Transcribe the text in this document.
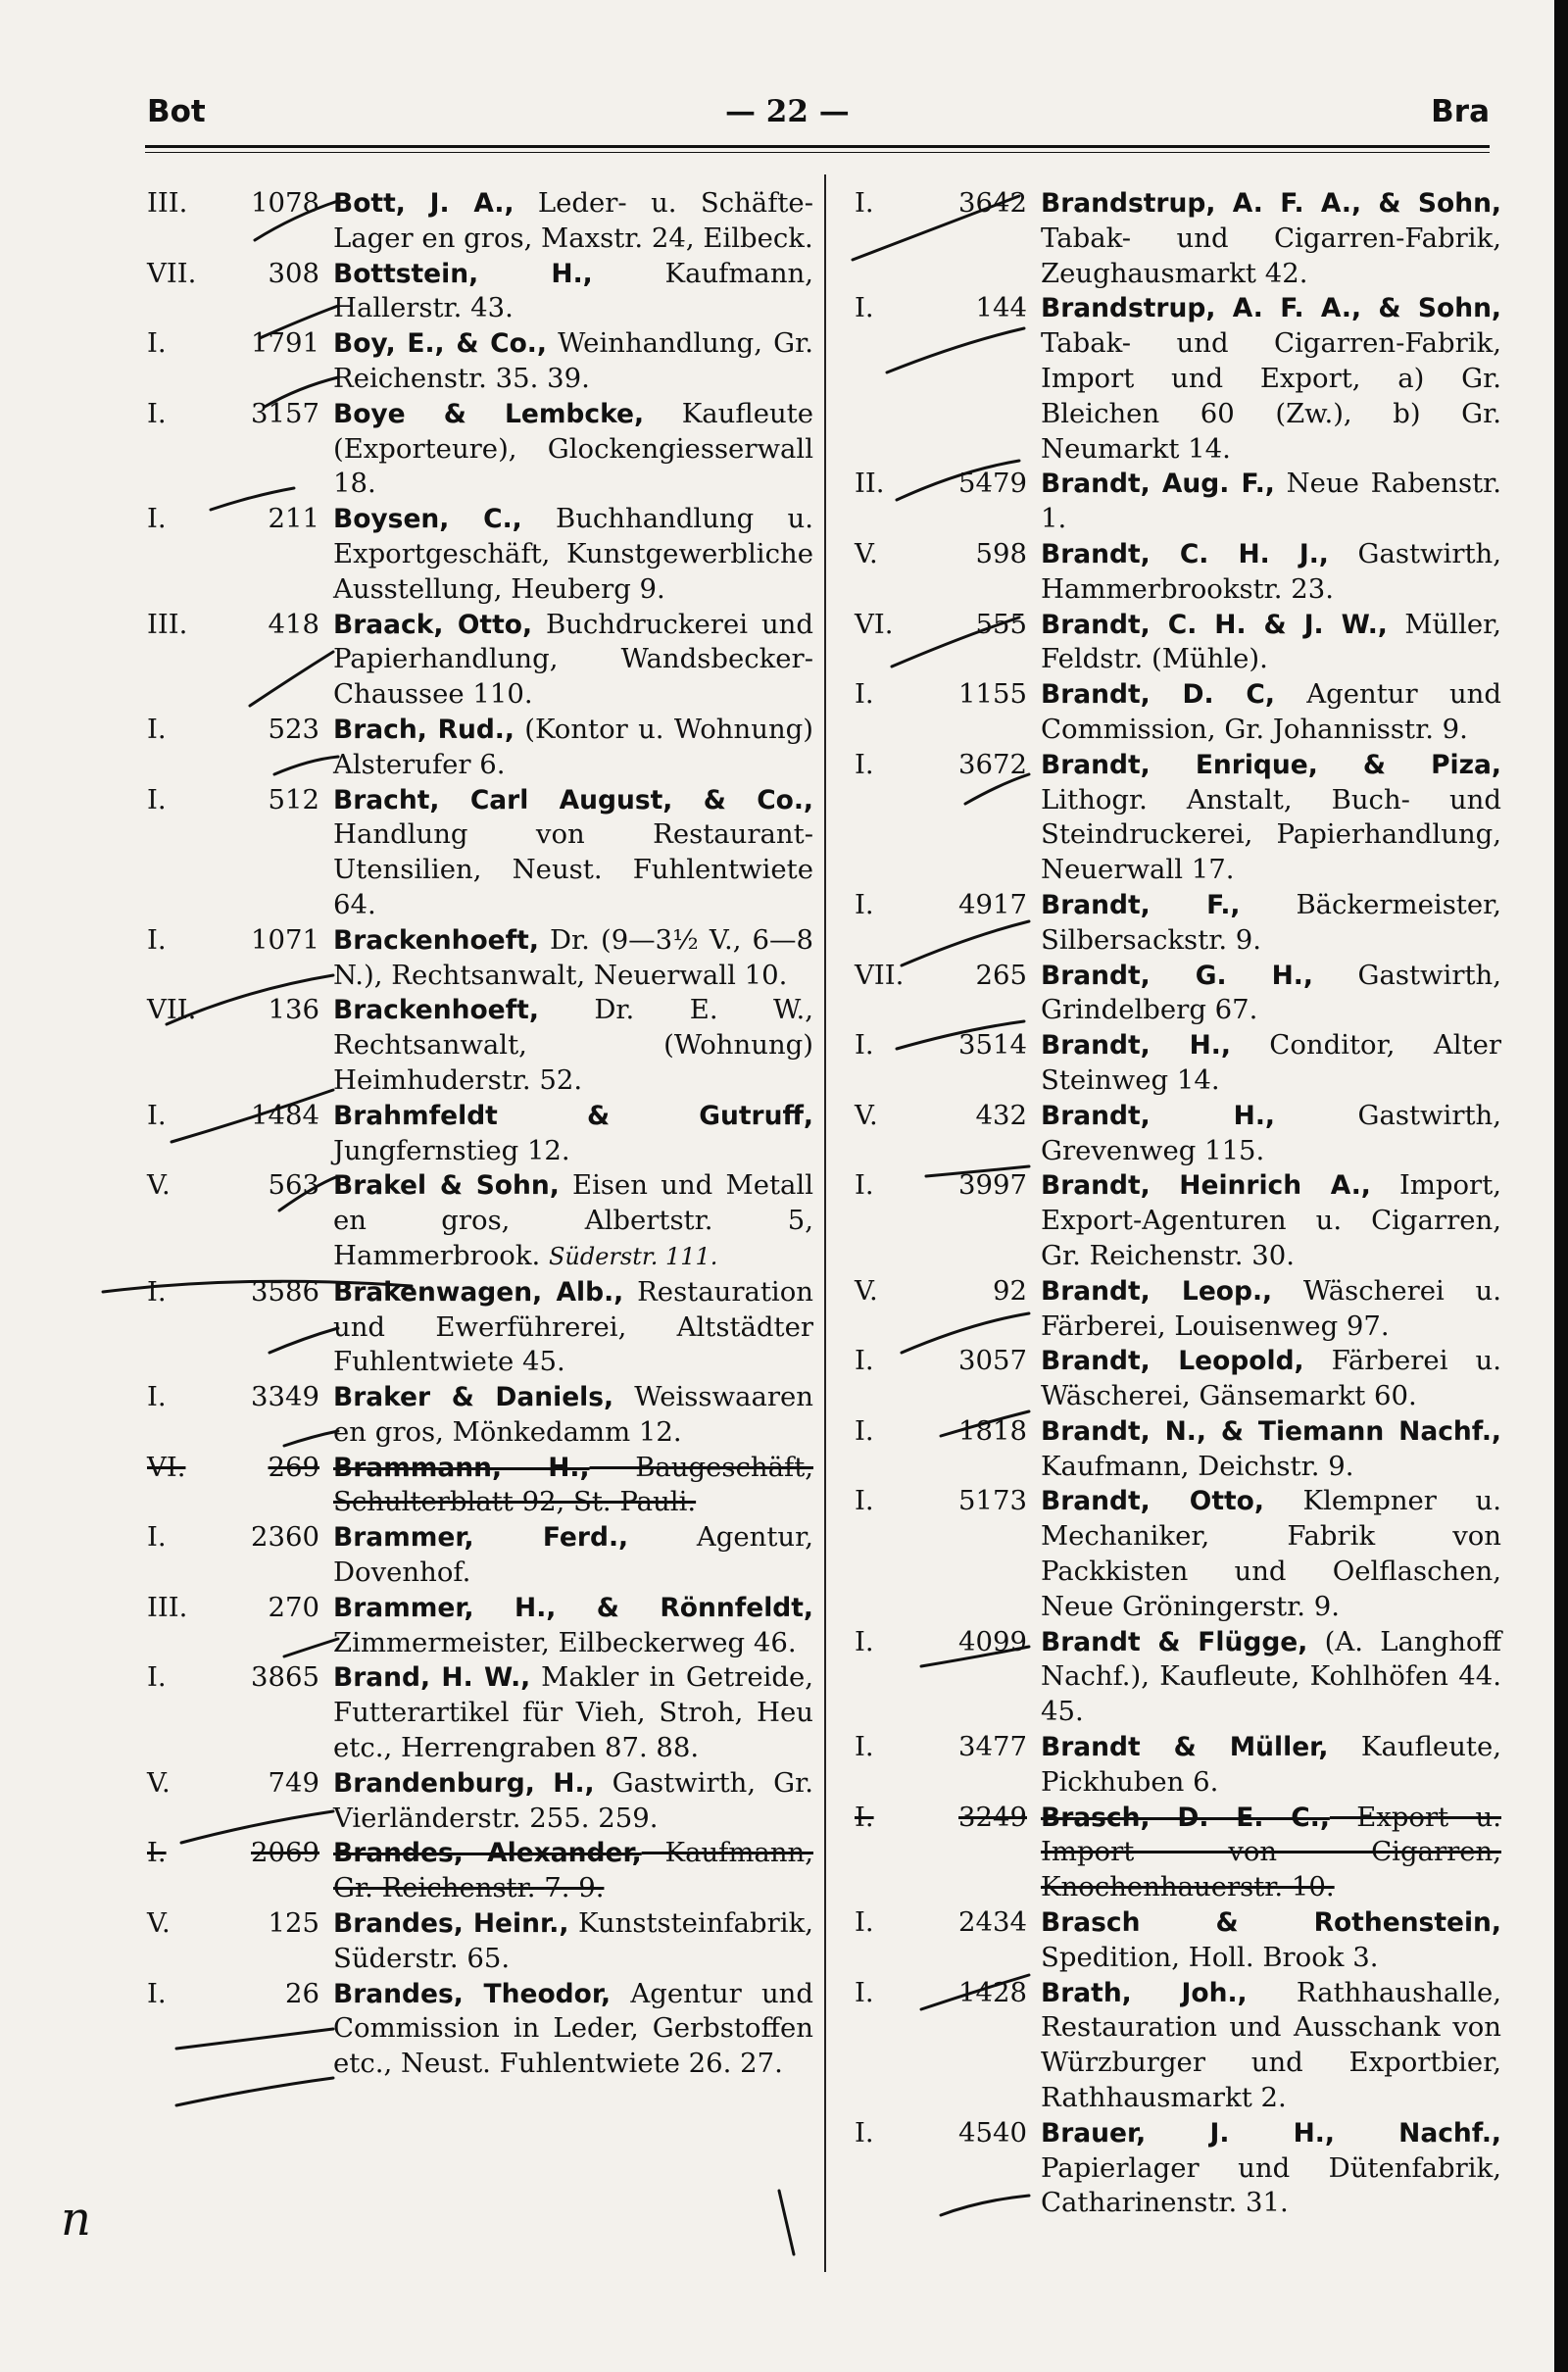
Bot	— 22 —	Bra
III.	1078 Bott, J. A., Leder- u. Schäfte-Lager en gros, Maxstr. 24, Eilbeck.
VII.	308 Bottstein, H., Kaufmann, Hallerstr. 43.
I.	1791 Boy, E., & Co., Weinhandlung, Gr. Reichenstr. 35. 39.
I.	3157 Boye & Lembcke, Kaufleute (Exporteure), Glockengiesserwall 18.
I.	211 Boysen, C., Buchhandlung u. Exportgeschäft, Kunstgewerbliche Ausstellung, Heuberg 9.
III.	418 Braack, Otto, Buchdruckerei und Papierhandlung, Wandsbecker-Chaussee 110.
I.	523 Brach, Rud., (Kontor u. Wohnung) Alsterufer 6.
I.	512 Bracht, Carl August, & Co., Handlung von Restaurant-Utensilien, Neust. Fuhlentwiete 64.
I.	1071 Brackenhoeft, Dr. (9—3½ V., 6—8 N.), Rechtsanwalt, Neuerwall 10.
VII.	136 Brackenhoeft, Dr. E. W., Rechtsanwalt, (Wohnung) Heimhuderstr. 52.
I.	1484 Brahmfeldt & Gutruff, Jungfernstieg 12.
V.	563 Brakel & Sohn, Eisen und Metall en gros, Albertstr. 5, Hammerbrook. Süderstr. 111.
I.	3586 Brakenwagen, Alb., Restauration und Ewerführerei, Altstädter Fuhlentwiete 45.
I.	3349 Braker & Daniels, Weisswaaren en gros, Mönkedamm 12.
VI.	269 Brammann, H., Baugeschäft, Schulterblatt 92, St. Pauli.
I.	2360 Brammer, Ferd., Agentur, Dovenhof.
III.	270 Brammer, H., & Rönnfeldt, Zimmermeister, Eilbeckerweg 46.
I.	3865 Brand, H. W., Makler in Getreide, Futterartikel für Vieh, Stroh, Heu etc., Herrengraben 87. 88.
V.	749 Brandenburg, H., Gastwirth, Gr. Vierländerstr. 255. 259.
I.	2069 Brandes, Alexander, Kaufmann, Gr. Reichenstr. 7. 9.
V.	125 Brandes, Heinr., Kunststeinfabrik, Süderstr. 65.
I.	26 Brandes, Theodor, Agentur und Commission in Leder, Gerbstoffen etc., Neust. Fuhlentwiete 26. 27.
I.	3642 Brandstrup, A. F. A., & Sohn, Tabak- und Cigarren-Fabrik, Zeughausmarkt 42.
I.	144 Brandstrup, A. F. A., & Sohn, Tabak- und Cigarren-Fabrik, Import und Export, a) Gr. Bleichen 60 (Zw.), b) Gr. Neumarkt 14.
II.	5479 Brandt, Aug. F., Neue Rabenstr. 1.
V.	598 Brandt, C. H. J., Gastwirth, Hammerbrookstr. 23.
VI.	555 Brandt, C. H. & J. W., Müller, Feldstr. (Mühle).
I.	1155 Brandt, D. C, Agentur und Commission, Gr. Johannisstr. 9.
I.	3672 Brandt, Enrique, & Piza, Lithogr. Anstalt, Buch- und Steindruckerei, Papierhandlung, Neuerwall 17.
I.	4917 Brandt, F., Bäckermeister, Silbersackstr. 9.
VII.	265 Brandt, G. H., Gastwirth, Grindelberg 67.
I.	3514 Brandt, H., Conditor, Alter Steinweg 14.
V.	432 Brandt, H., Gastwirth, Grevenweg 115.
I.	3997 Brandt, Heinrich A., Import, Export-Agenturen u. Cigarren, Gr. Reichenstr. 30.
V.	92 Brandt, Leop., Wäscherei u. Färberei, Louisenweg 97.
I.	3057 Brandt, Leopold, Färberei u. Wäscherei, Gänsemarkt 60.
I.	1818 Brandt, N., & Tiemann Nachf., Kaufmann, Deichstr. 9.
I.	5173 Brandt, Otto, Klempner u. Mechaniker, Fabrik von Packkisten und Oelflaschen, Neue Gröningerstr. 9.
I.	4099 Brandt & Flügge, (A. Langhoff Nachf.), Kaufleute, Kohlhöfen 44. 45.
I.	3477 Brandt & Müller, Kaufleute, Pickhuben 6.
I.	3249 Brasch, D. E. C., Export u. Import von Cigarren, Knochenhauerstr. 10.
I.	2434 Brasch & Rothenstein, Spedition, Holl. Brook 3.
I.	1428 Brath, Joh., Rathhaushalle, Restauration und Ausschank von Würzburger und Exportbier, Rathhausmarkt 2.
I.	4540 Brauer, J. H., Nachf., Papierlager und Dütenfabrik, Catharinenstr. 31.
n
